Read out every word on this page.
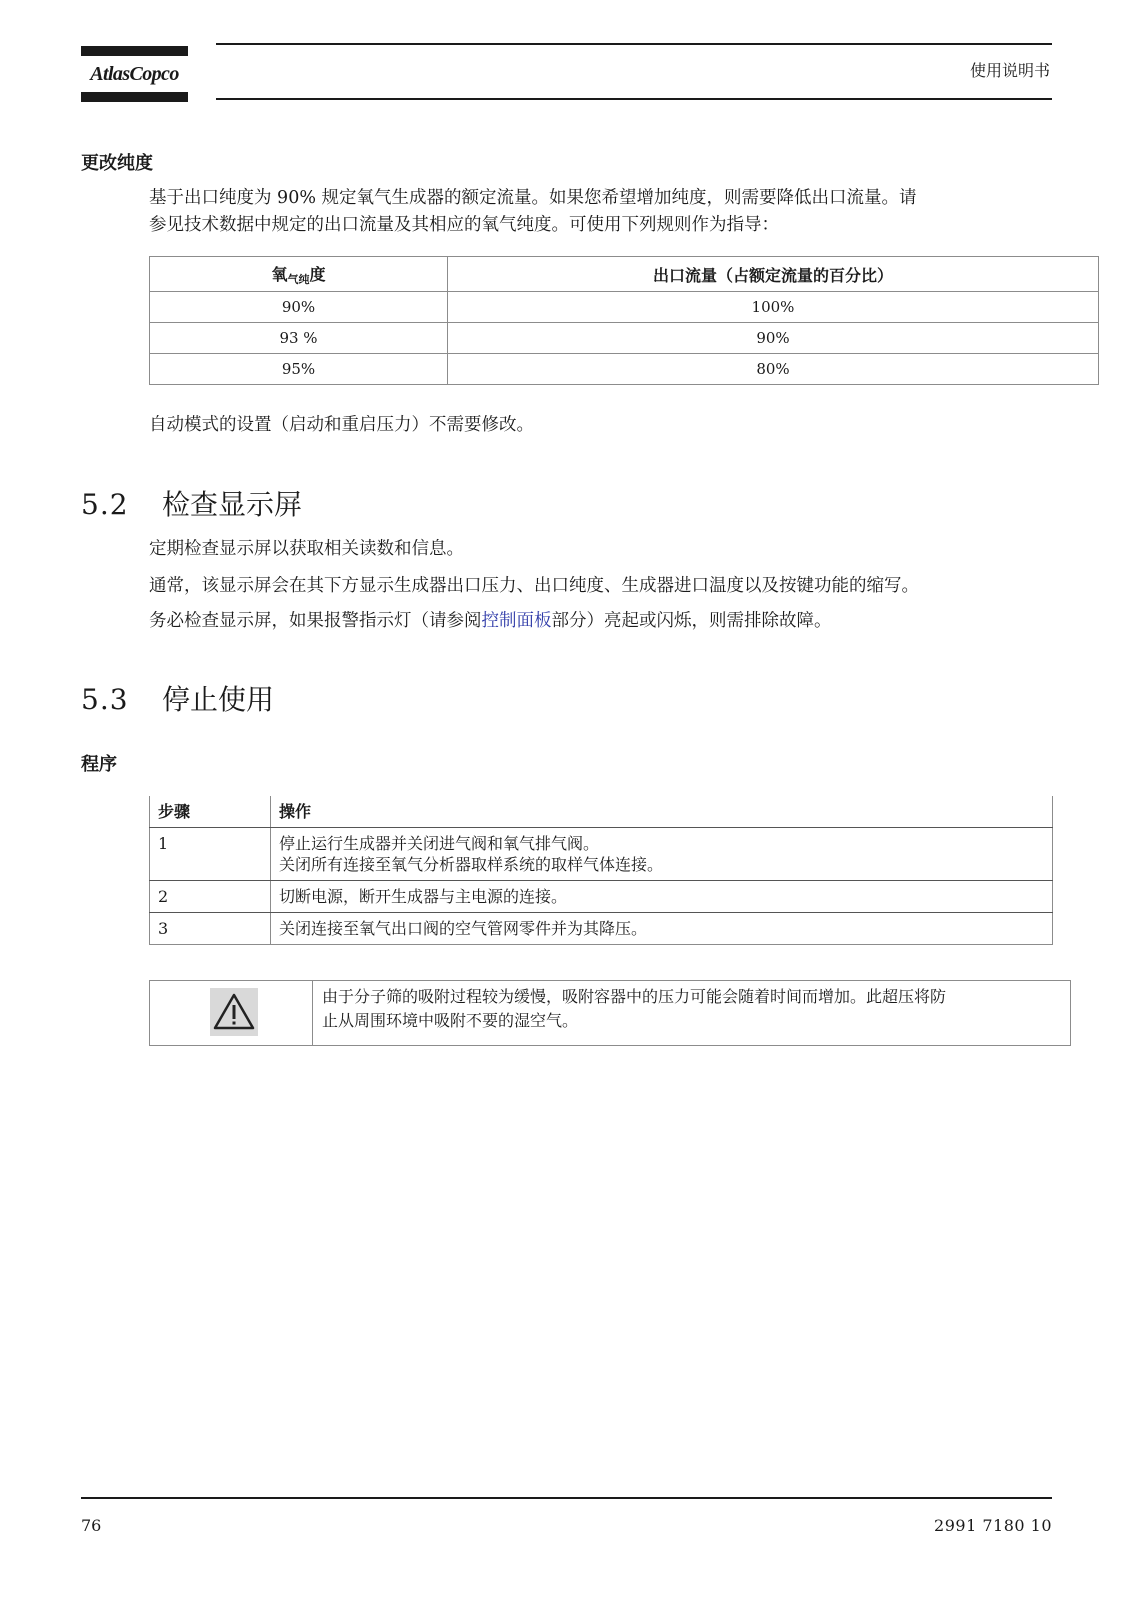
AtlasCopco	使用说明书
更改纯度
基于出口纯度为 90% 规定氧气生成器的额定流量。如果您希望增加纯度，则需要降低出口流量。请
参见技术数据中规定的出口流量及其相应的氧气纯度。可使用下列规则作为指导：
氧气纯度	出口流量（占额定流量的百分比）
90%	100%
93 %	90%
95%	80%
自动模式的设置（启动和重启压力）不需要修改。
5.2 检查显示屏
定期检查显示屏以获取相关读数和信息。
通常，该显示屏会在其下方显示生成器出口压力、出口纯度、生成器进口温度以及按键功能的缩写。
务必检查显示屏，如果报警指示灯（请参阅控制面板部分）亮起或闪烁，则需排除故障。
5.3 停止使用
程序
步骤	操作
1	停止运行生成器并关闭进气阀和氧气排气阀。
关闭所有连接至氧气分析器取样系统的取样气体连接。

2	切断电源，断开生成器与主电源的连接。
3	关闭连接至氧气出口阀的空气管网零件并为其降压。
由于分子筛的吸附过程较为缓慢，吸附容器中的压力可能会随着时间而增加。此超压将防
止从周围环境中吸附不要的湿空气。
76	2991 7180 10
